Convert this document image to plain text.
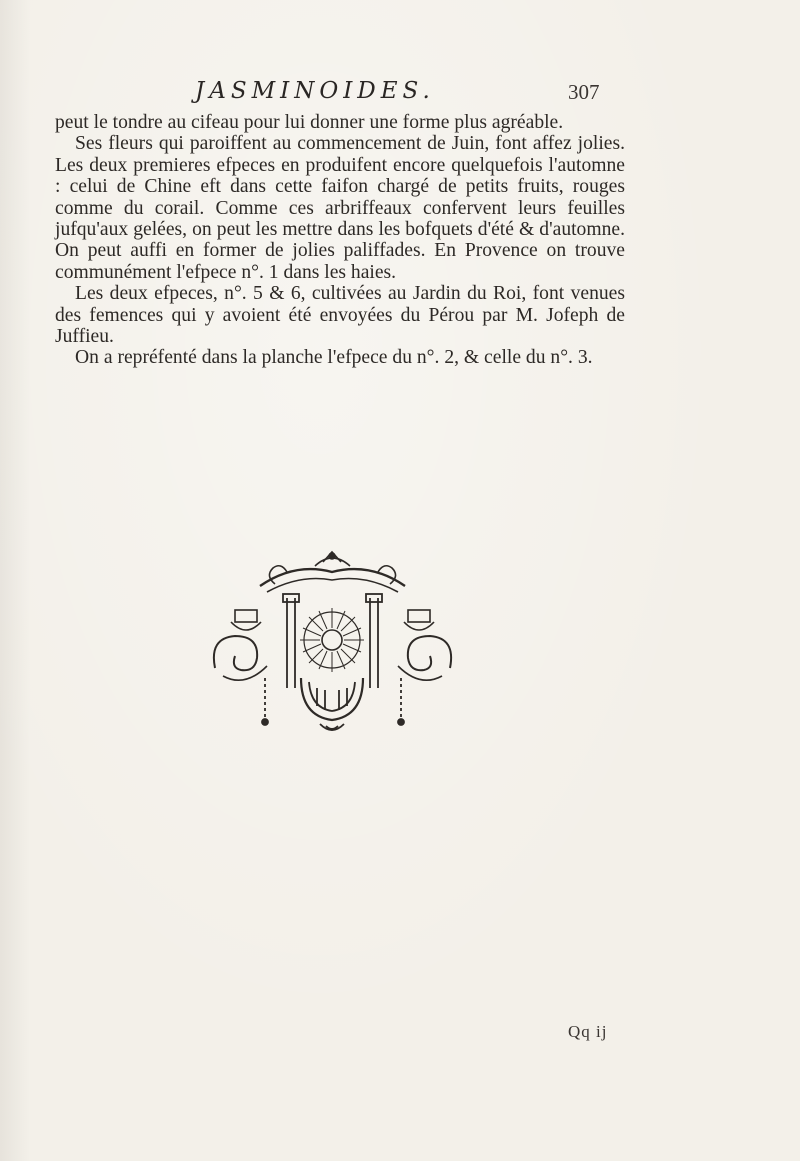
JASMINOIDES.	307

peut le tondre au cifeau pour lui donner une forme plus agréable.

Ses fleurs qui paroiffent au commencement de Juin, font affez jolies. Les deux premieres efpeces en produifent encore quelquefois l'automne : celui de Chine eft dans cette faifon chargé de petits fruits, rouges comme du corail. Comme ces arbriffeaux confervent leurs feuilles jufqu'aux gelées, on peut les mettre dans les bofquets d'été & d'automne. On peut auffi en former de jolies paliffades. En Provence on trouve communément l'efpece n°. 1 dans les haies.

Les deux efpeces, n°. 5 & 6, cultivées au Jardin du Roi, font venues des femences qui y avoient été envoyées du Pérou par M. Jofeph de Juffieu.

On a repréfenté dans la planche l'efpece du n°. 2, & celle du n°. 3.

Qq ij
